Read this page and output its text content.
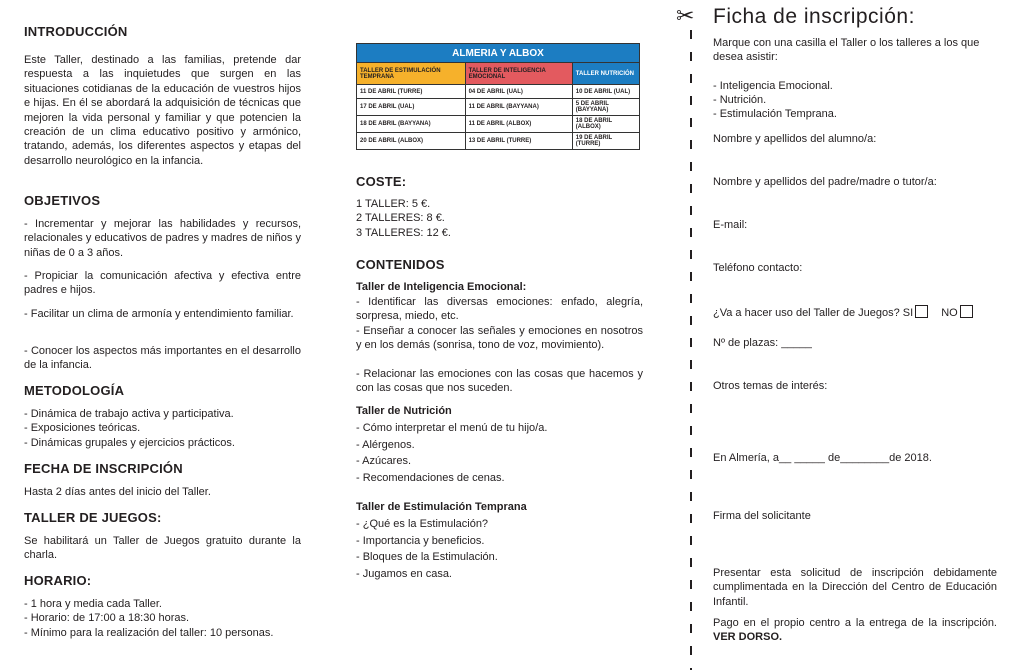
INTRODUCCIÓN

Este Taller, destinado a las familias, pretende dar respuesta a las inquietudes que surgen en las situaciones cotidianas de la educación de vuestros hijos e hijas. En él se abordará la adquisición de técnicas que mejoren la vida personal y familiar y que potencien la creación de un clima educativo positivo y armónico, tratando, además, los diferentes aspectos y etapas del desarrollo neurológico en la infancia.

OBJETIVOS

- Incrementar y mejorar las habilidades y recursos, relacionales y educativos de padres y madres de niños y niñas de 0 a 3 años.

- Propiciar la comunicación afectiva y efectiva entre padres e hijos.

- Facilitar un clima de armonía y entendimiento familiar.

- Conocer los aspectos más importantes en el desarrollo de la infancia.

METODOLOGÍA

- Dinámica de trabajo activa y participativa.

- Exposiciones teóricas.

- Dinámicas grupales y ejercicios prácticos.

FECHA DE INSCRIPCIÓN

Hasta 2 días antes del inicio del Taller.

TALLER DE JUEGOS:

Se habilitará un Taller de Juegos gratuito durante la charla.

HORARIO:

- 1 hora y media cada Taller.

- Horario: de 17:00 a 18:30 horas.

- Mínimo para la realización del taller: 10 personas.

ALMERIA Y ALBOX		
TALLER DE ESTIMULACIÓN TEMPRANA	TALLER DE INTELIGENCIA EMOCIONAL	TALLER NUTRICIÓN
11 DE ABRIL (TURRE)	04 DE ABRIL (UAL)	10 DE ABRIL (UAL)
17 DE ABRIL (UAL)	11 DE ABRIL (BAYYANA)	5 DE ABRIL (BAYYANA)
18 DE ABRIL (BAYYANA)	11 DE ABRIL (ALBOX)	18 DE ABRIL (ALBOX)
20 DE ABRIL (ALBOX)	13 DE ABRIL (TURRE)	19 DE ABRIL (TURRE)
COSTE:

1 TALLER: 5 €.

2 TALLERES: 8 €.

3 TALLERES: 12 €.

CONTENIDOS

Taller de Inteligencia Emocional:

- Identificar las diversas emociones: enfado, alegría, sorpresa, miedo, etc.

- Enseñar a conocer las señales y emociones en nosotros y en los demás (sonrisa, tono de voz, movimiento).

- Relacionar las emociones con las cosas que hacemos y con las cosas que nos suceden.

Taller de Nutrición

- Cómo interpretar el menú de tu hijo/a.

- Alérgenos.

- Azúcares.

- Recomendaciones de cenas.

Taller de Estimulación Temprana

- ¿Qué es la Estimulación?

- Importancia y beneficios.

- Bloques de la Estimulación.

- Jugamos en casa.

✂ Ficha de inscripción:

Marque con una casilla el Taller o los talleres a los que desea asistir:

- Inteligencia Emocional.

- Nutrición.

- Estimulación Temprana.

Nombre y apellidos del alumno/a:

Nombre y apellidos del padre/madre o tutor/a:

E-mail:

Teléfono contacto:

¿Va a hacer uso del Taller de Juegos? SI	NO

Nº de plazas: _____

Otros temas de interés:

En Almería, a__ _____ de________de 2018.

Firma del solicitante

Presentar esta solicitud de inscripción debidamente cumplimentada en la Dirección del Centro de Educación Infantil.

Pago en el propio centro a la entrega de la inscripción. VER DORSO.
